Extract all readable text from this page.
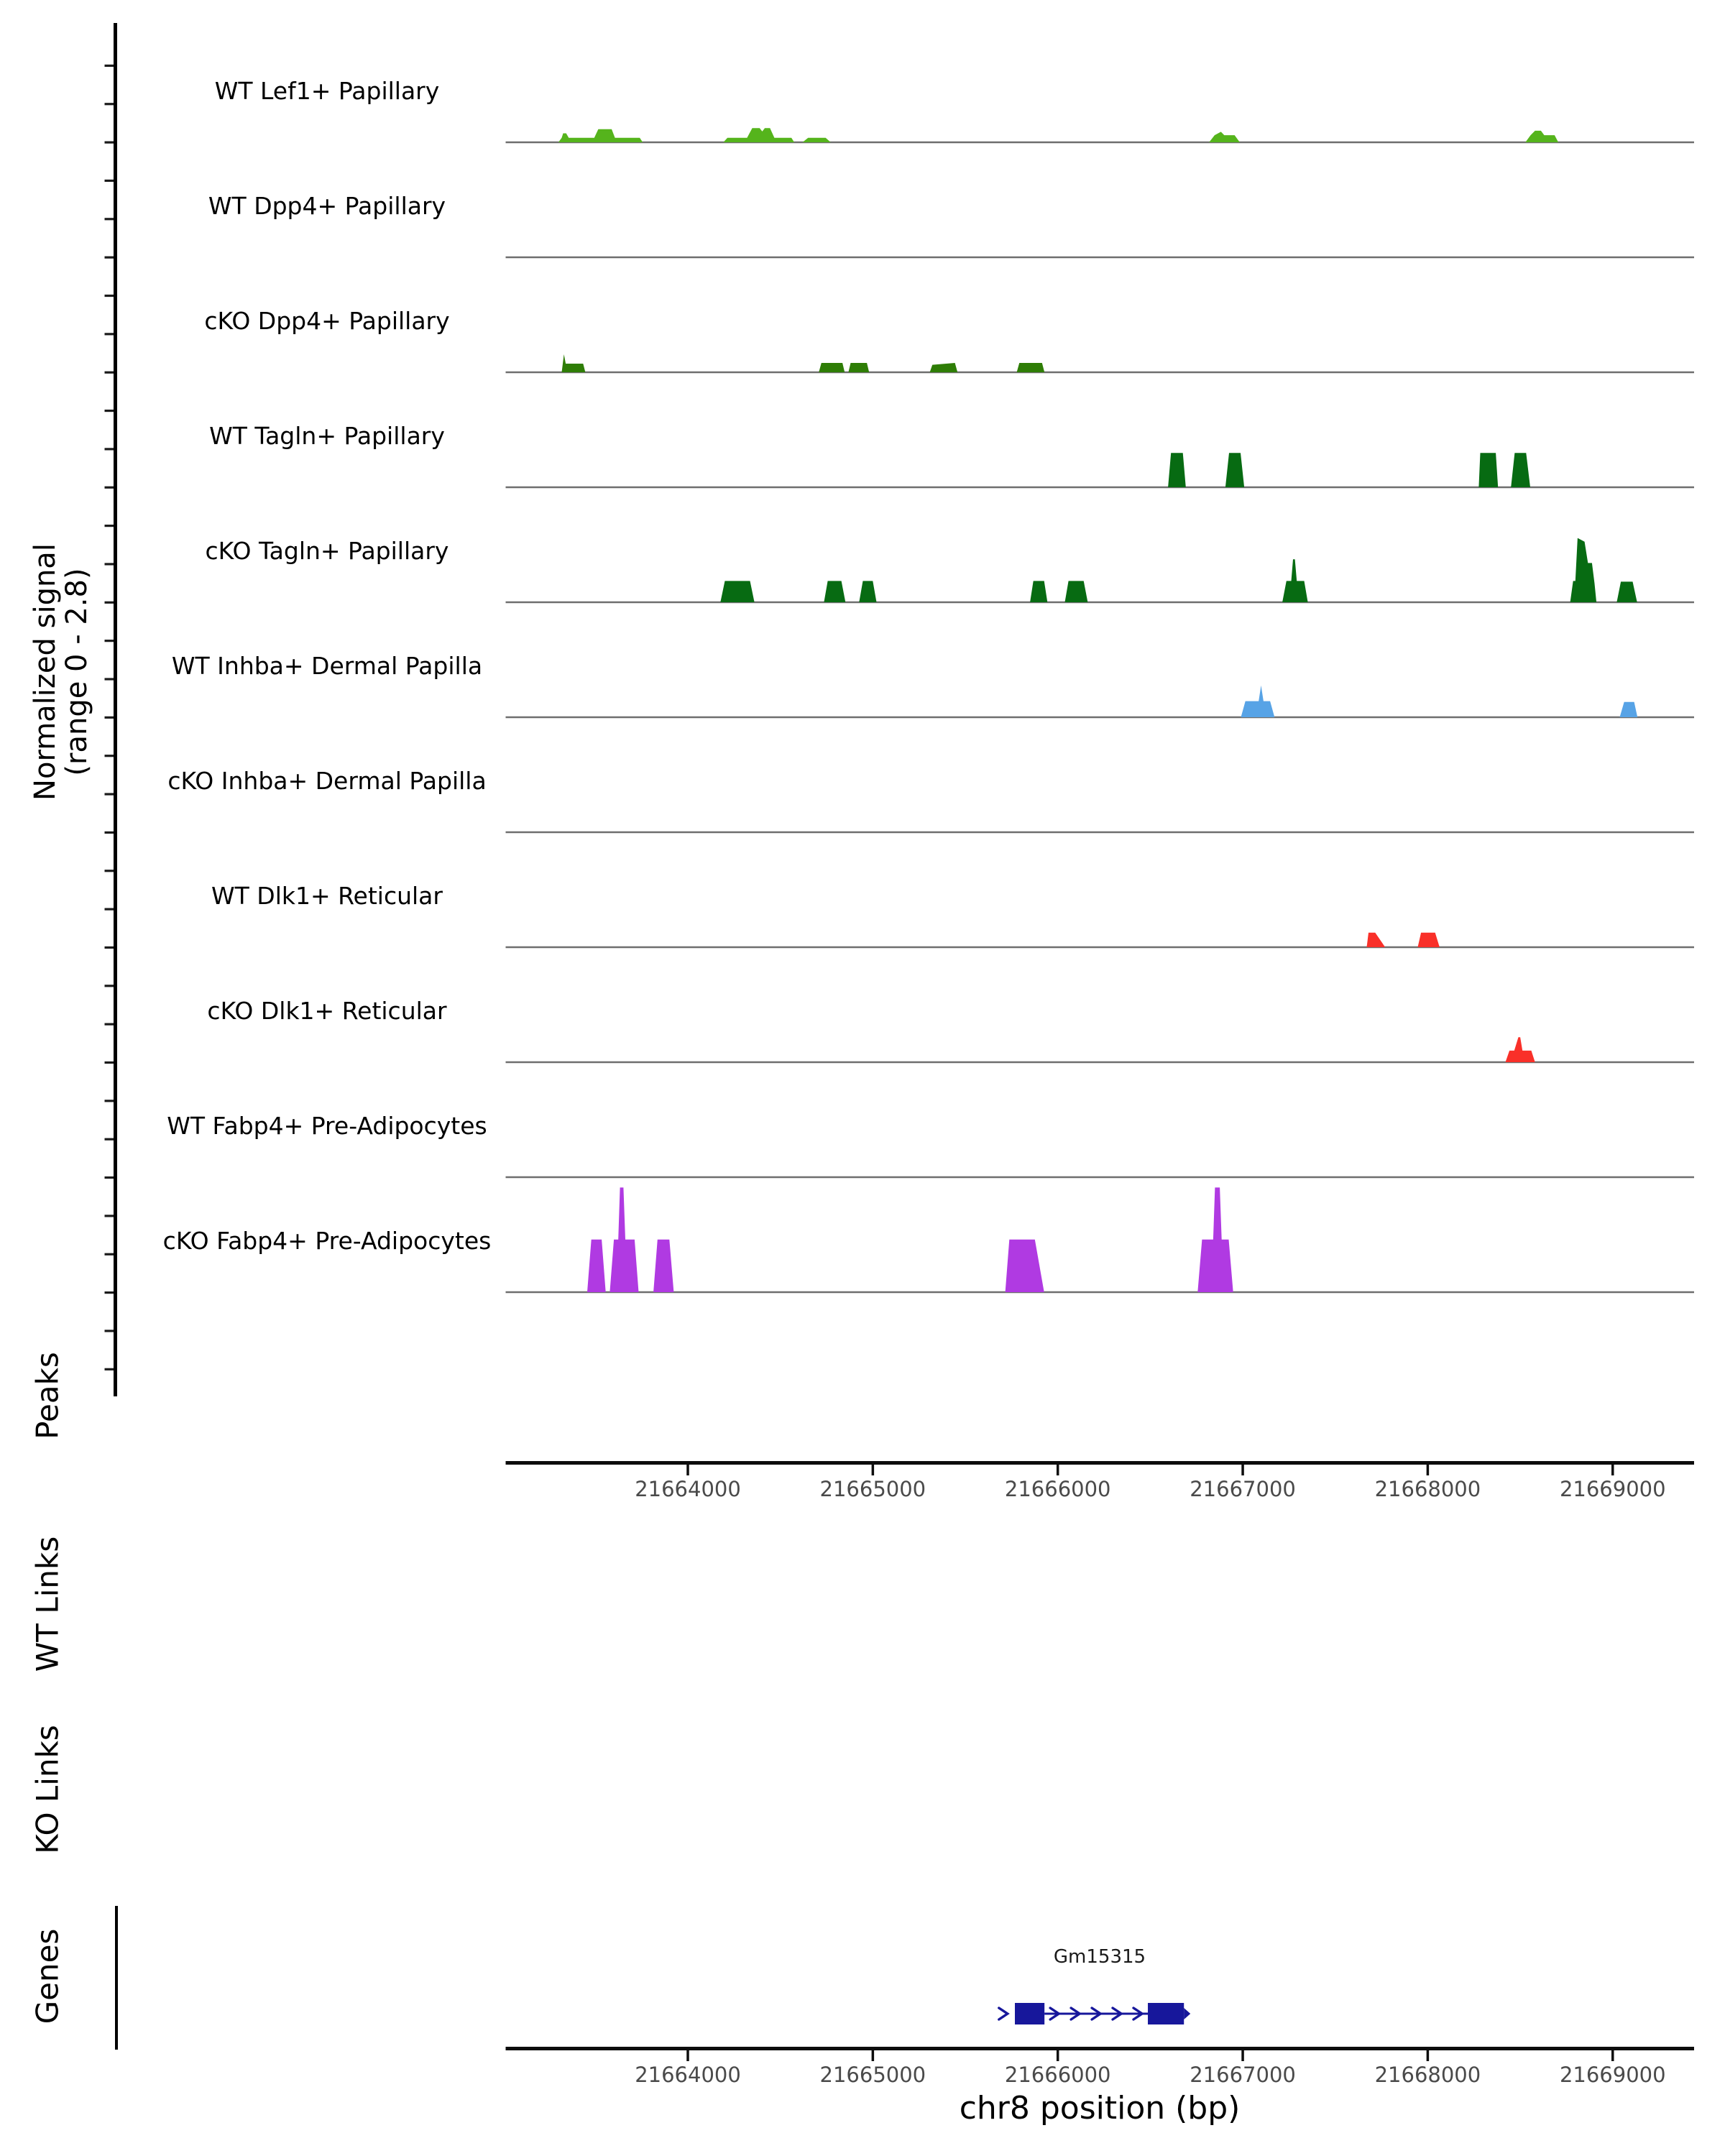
WT Lef1+ Papillary
WT Dpp4+ Papillary
cKO Dpp4+ Papillary
WT Tagln+ Papillary
cKO Tagln+ Papillary
WT Inhba+ Dermal Papilla
cKO Inhba+ Dermal Papilla
WT Dlk1+ Reticular
cKO Dlk1+ Reticular
WT Fabp4+ Pre-Adipocytes
cKO Fabp4+ Pre-Adipocytes
21664000	21665000	21666000	21667000	21668000	21669000
21664000	21665000	21666000	21667000	21668000	21669000
Normalized signal
(range 0 - 2.8)
Peaks
WT Links
KO Links
Genes	Gm15315
chr8 position (bp)
